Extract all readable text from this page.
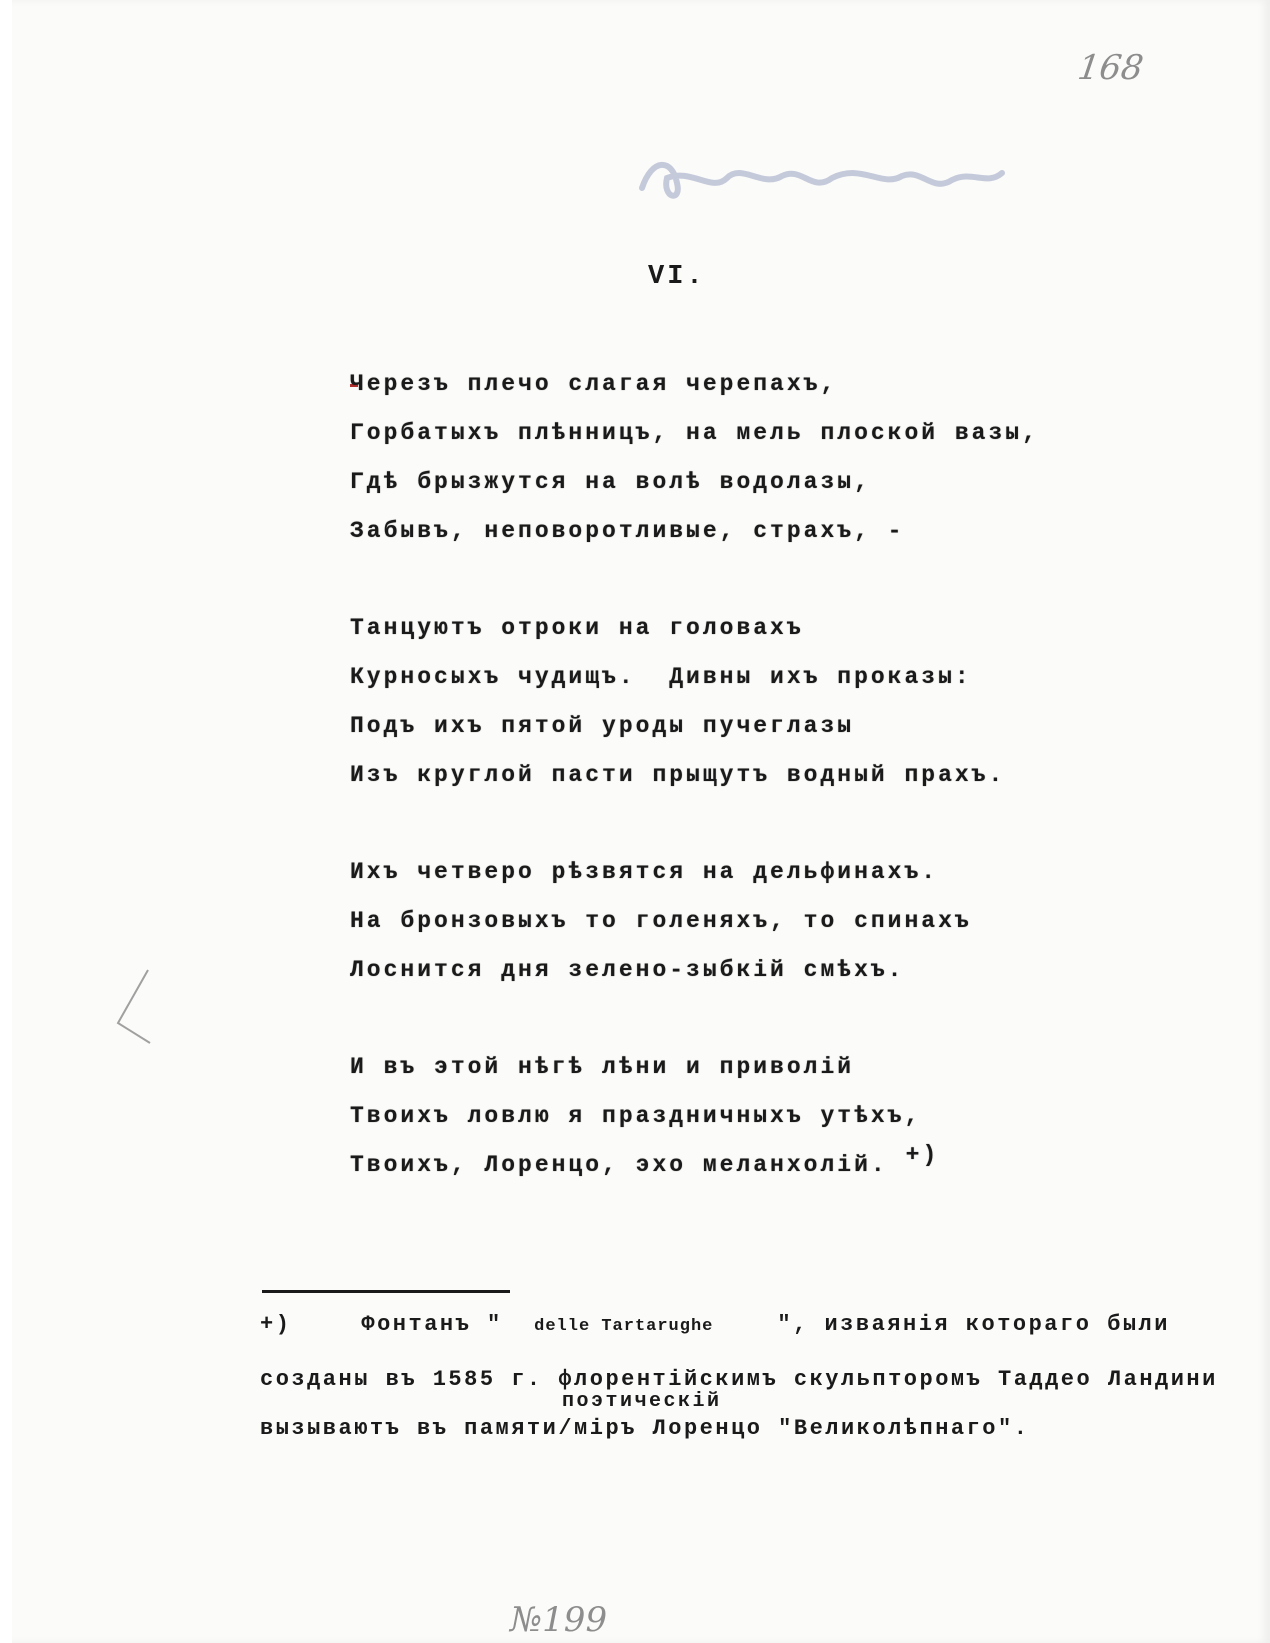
168
VI.
Черезъ плечо слагая черепахъ,
Горбатыхъ плѣнницъ, на мель плоской вазы,
Гдѣ брызжутся на волѣ водолазы,
Забывъ, неповоротливые, страхъ, -
Танцуютъ отроки на головахъ
Курносыхъ чудищъ.  Дивны ихъ проказы:
Подъ ихъ пятой уроды пучеглазы
Изъ круглой пасти прыщутъ водный прахъ.
Ихъ четверо рѣзвятся на дельфинахъ.
На бронзовыхъ то голеняхъ, то спинахъ
Лоснится дня зелено-зыбкій смѣхъ.
И въ этой нѣгѣ лѣни и приволій
Твоихъ ловлю я праздничныхъ утѣхъ,
Твоихъ, Лоренцо, эхо меланхолій. +)
+)	Фонтанъ " delle Tartarughe	", изваянія котораго были
созданы въ 1585 г. флорентійскимъ скульпторомъ Таддео Ландини
поэтическій
вызываютъ въ памяти/міръ Лоренцо "Великолѣпнаго".
№199
